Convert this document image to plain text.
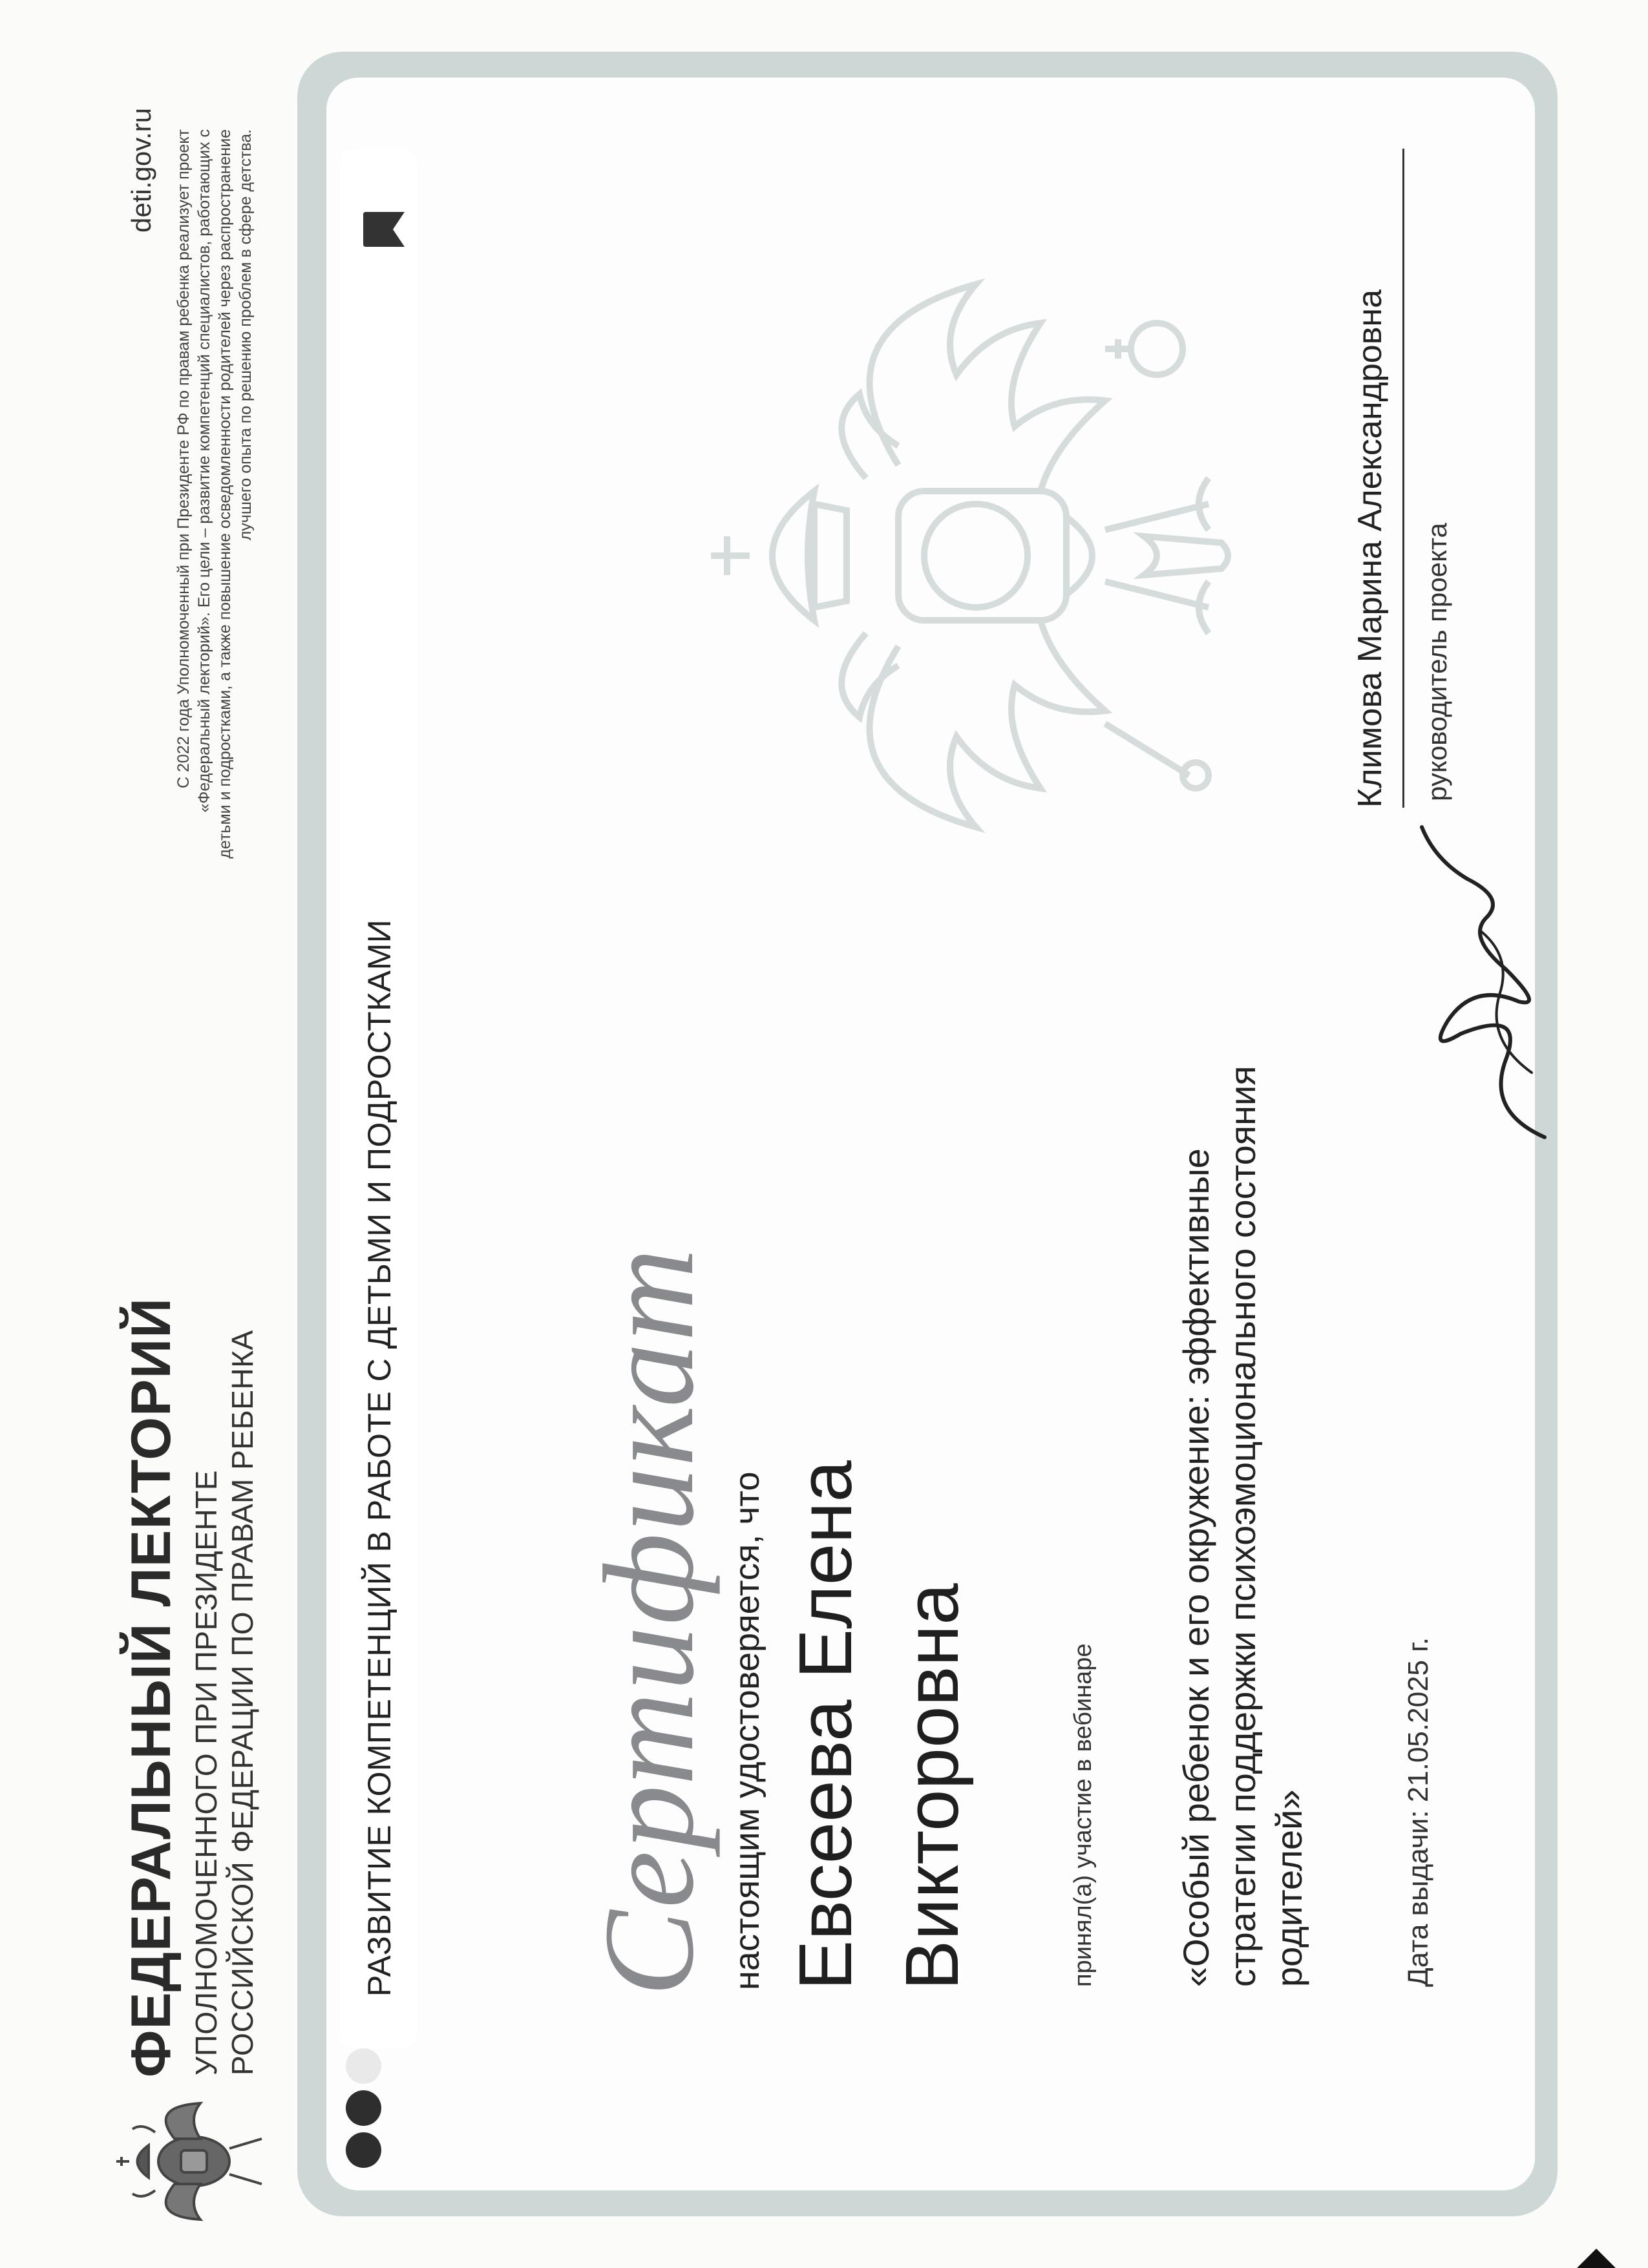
ФЕДЕРАЛЬНЫЙ ЛЕКТОРИЙ УПОЛНОМОЧЕННОГО ПРИ ПРЕЗИДЕНТЕ РОССИЙСКОЙ ФЕДЕРАЦИИ ПО ПРАВАМ РЕБЕНКА
deti.gov.ru С 2022 года Уполномоченный при Президенте РФ по правам ребенка реализует проект «Федеральный лекторий». Его цели – развитие компетенций специалистов, работающих с детьми и подростками, а также повышение осведомленности родителей через распространение лучшего опыта по решению проблем в сфере детства.
РАЗВИТИЕ КОМПЕТЕНЦИЙ В РАБОТЕ С ДЕТЬМИ И ПОДРОСТКАМИ Сертификат настоящим удостоверяется, что Евсеева Елена Викторовна	принял(а) участие в вебинаре «Особый ребенок и его окружение: эффективные стратегии поддержки психоэмоционального состояния родителей»	Дата выдачи: 21.05.2025 г.
Климова Марина Александровна руководитель проекта
